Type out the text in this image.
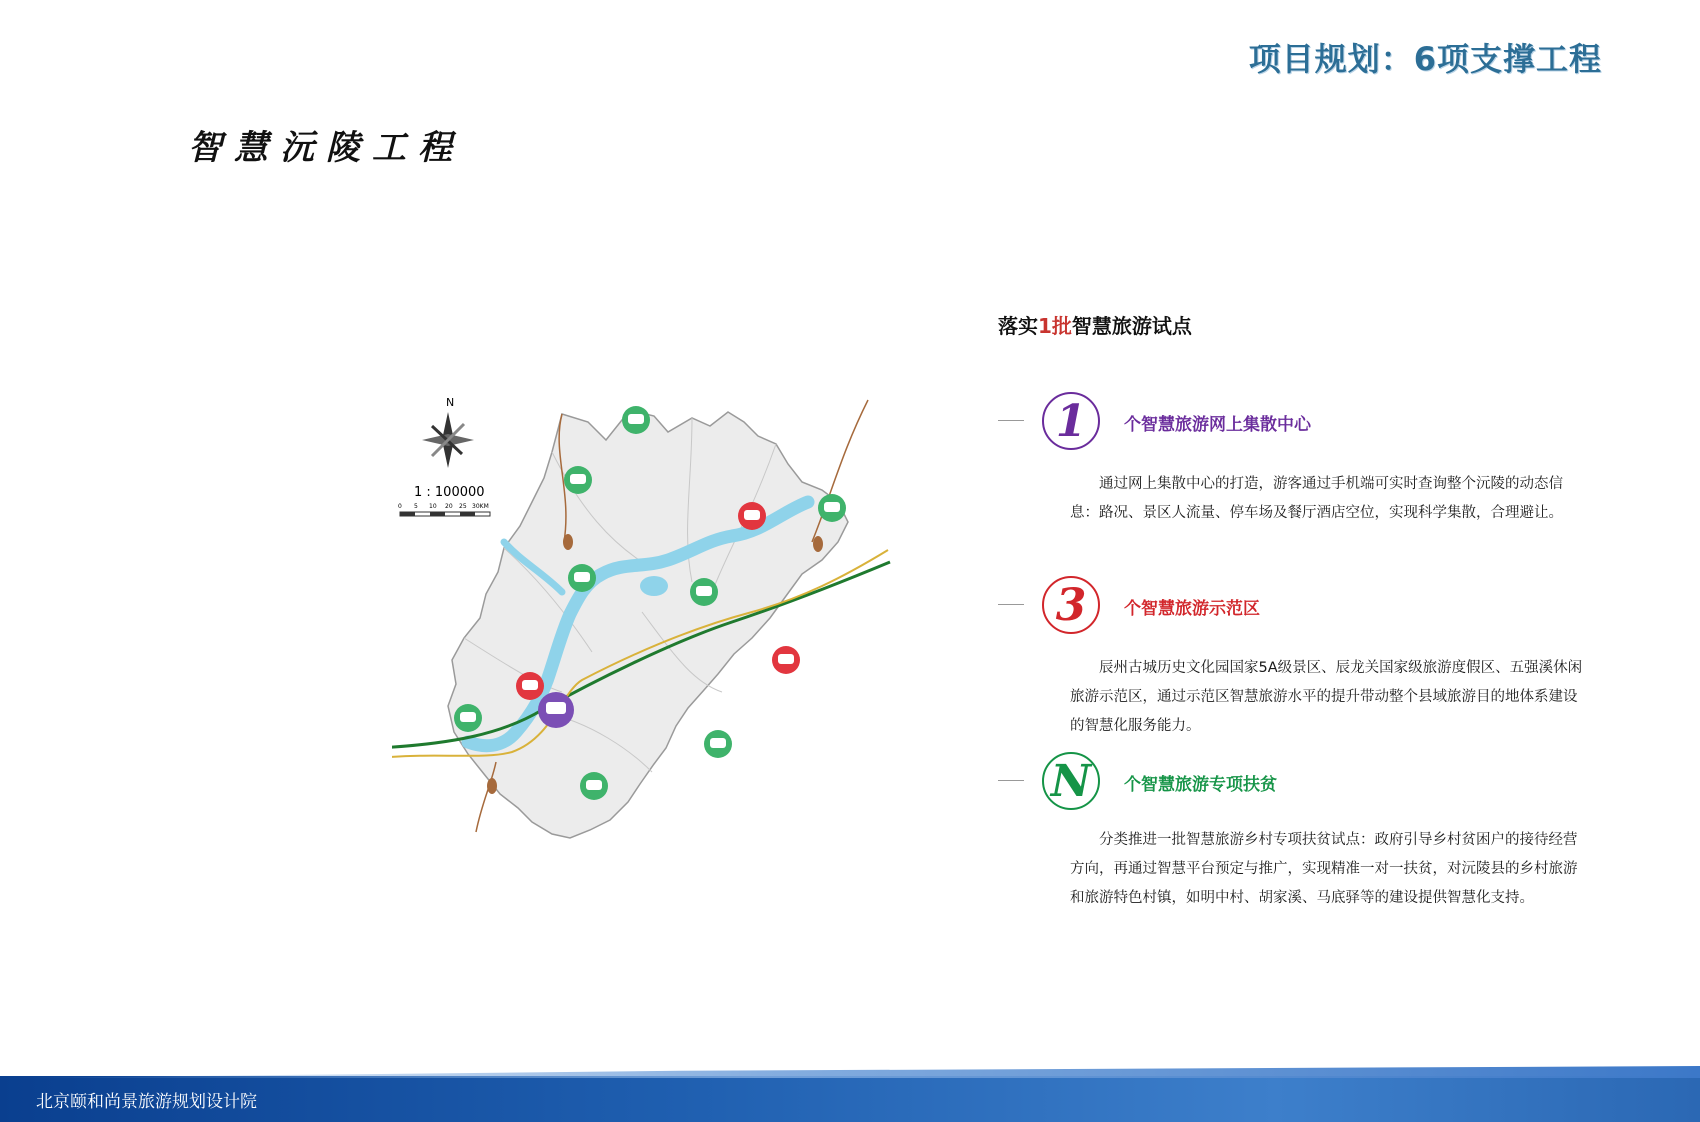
项目规划：6项支撑工程
智慧沅陵工程
N
1 : 100000
0 5 10 20 25 30KM
落实1批智慧旅游试点
1	个智慧旅游网上集散中心
通过网上集散中心的打造，游客通过手机端可实时查询整个沅陵的动态信息：路况、景区人流量、停车场及餐厅酒店空位，实现科学集散，合理避让。
3	个智慧旅游示范区
辰州古城历史文化园国家5A级景区、辰龙关国家级旅游度假区、五强溪休闲旅游示范区，通过示范区智慧旅游水平的提升带动整个县域旅游目的地体系建设的智慧化服务能力。
N	个智慧旅游专项扶贫
分类推进一批智慧旅游乡村专项扶贫试点：政府引导乡村贫困户的接待经营方向，再通过智慧平台预定与推广，实现精准一对一扶贫，对沅陵县的乡村旅游和旅游特色村镇，如明中村、胡家溪、马底驿等的建设提供智慧化支持。
北京颐和尚景旅游规划设计院
